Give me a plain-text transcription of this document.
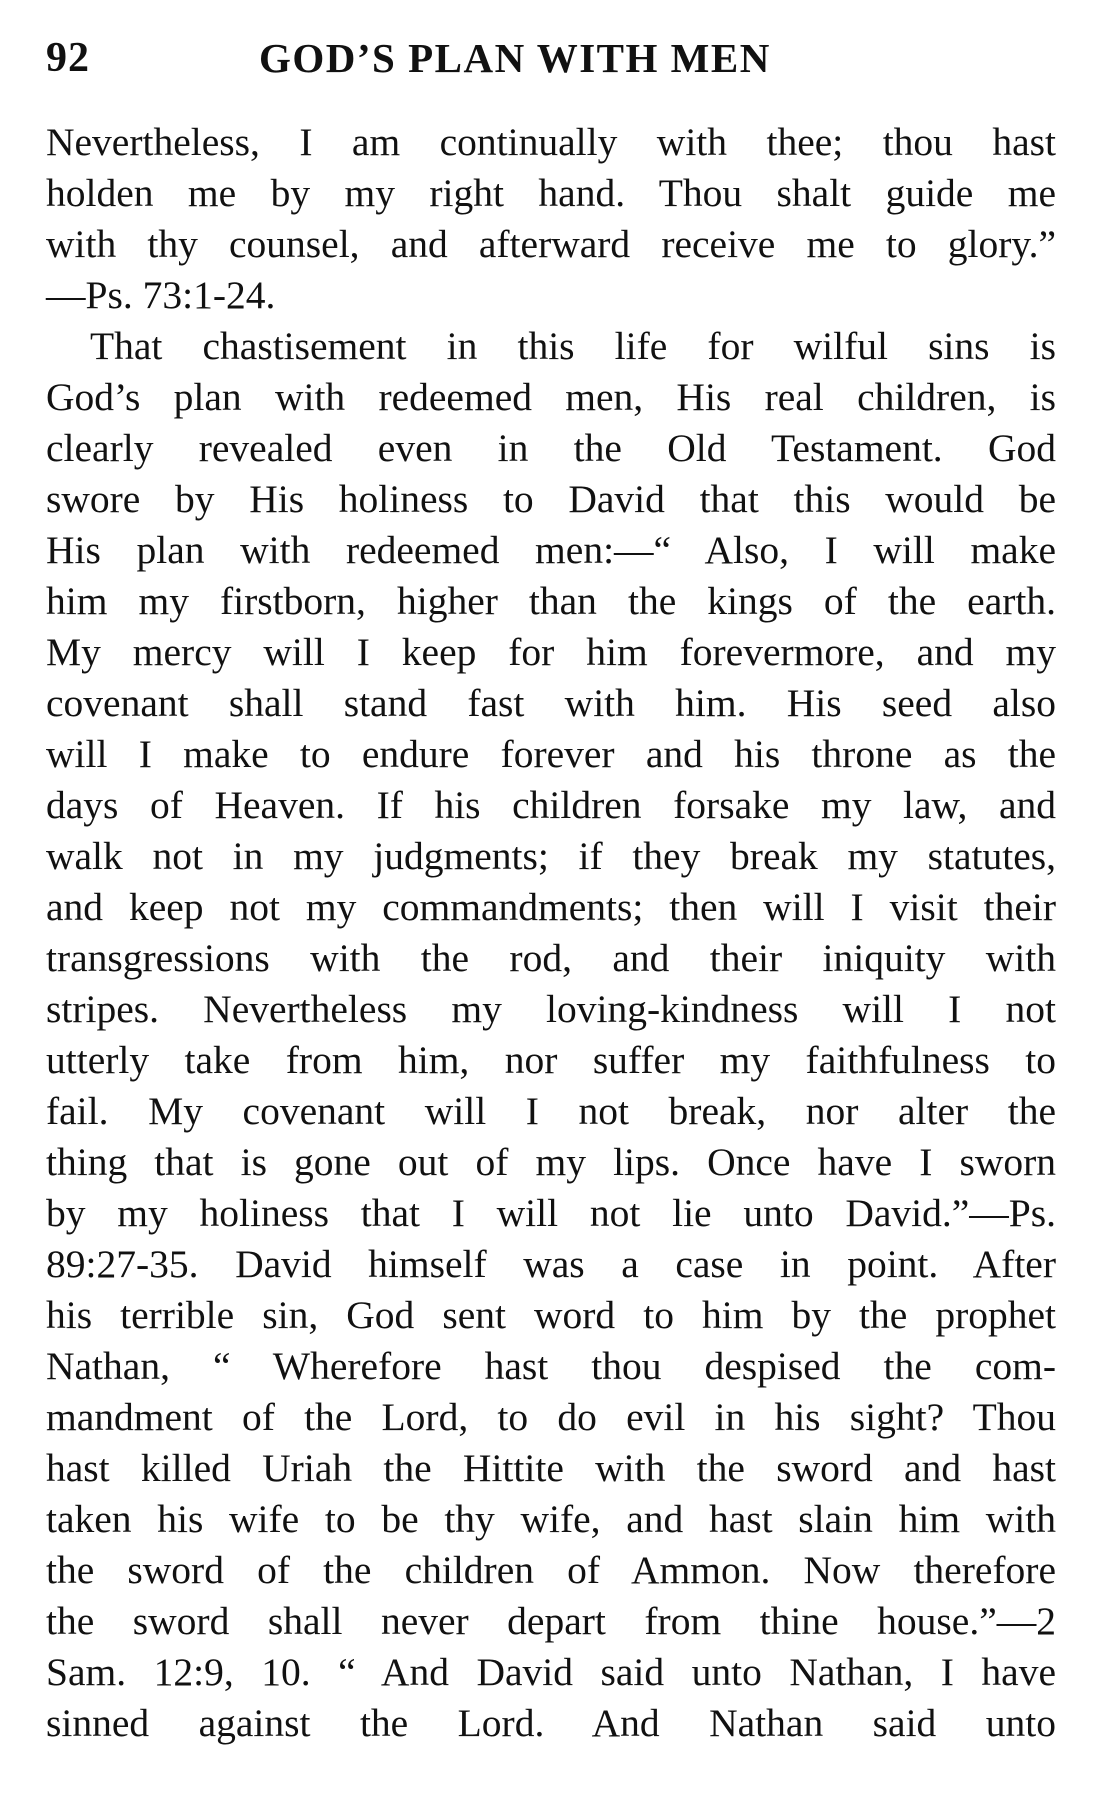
92	GOD’S PLAN WITH MEN
Nevertheless, I am continually with thee; thou hast
holden me by my right hand. Thou shalt guide me
with thy counsel, and afterward receive me to glory.”
—Ps. 73:1-24.
That chastisement in this life for wilful sins is
God’s plan with redeemed men, His real children, is
clearly revealed even in the Old Testament. God
swore by His holiness to David that this would be
His plan with redeemed men:—“ Also, I will make
him my firstborn, higher than the kings of the earth.
My mercy will I keep for him forevermore, and my
covenant shall stand fast with him. His seed also
will I make to endure forever and his throne as the
days of Heaven. If his children forsake my law, and
walk not in my judgments; if they break my statutes,
and keep not my commandments; then will I visit their
transgressions with the rod, and their iniquity with
stripes. Nevertheless my loving-kindness will I not
utterly take from him, nor suffer my faithfulness to
fail. My covenant will I not break, nor alter the
thing that is gone out of my lips. Once have I sworn
by my holiness that I will not lie unto David.”—Ps.
89:27-35. David himself was a case in point. After
his terrible sin, God sent word to him by the prophet
Nathan, “ Wherefore hast thou despised the com-
mandment of the Lord, to do evil in his sight? Thou
hast killed Uriah the Hittite with the sword and hast
taken his wife to be thy wife, and hast slain him with
the sword of the children of Ammon. Now therefore
the sword shall never depart from thine house.”—2
Sam. 12:9, 10. “ And David said unto Nathan, I have
sinned against the Lord. And Nathan said unto
